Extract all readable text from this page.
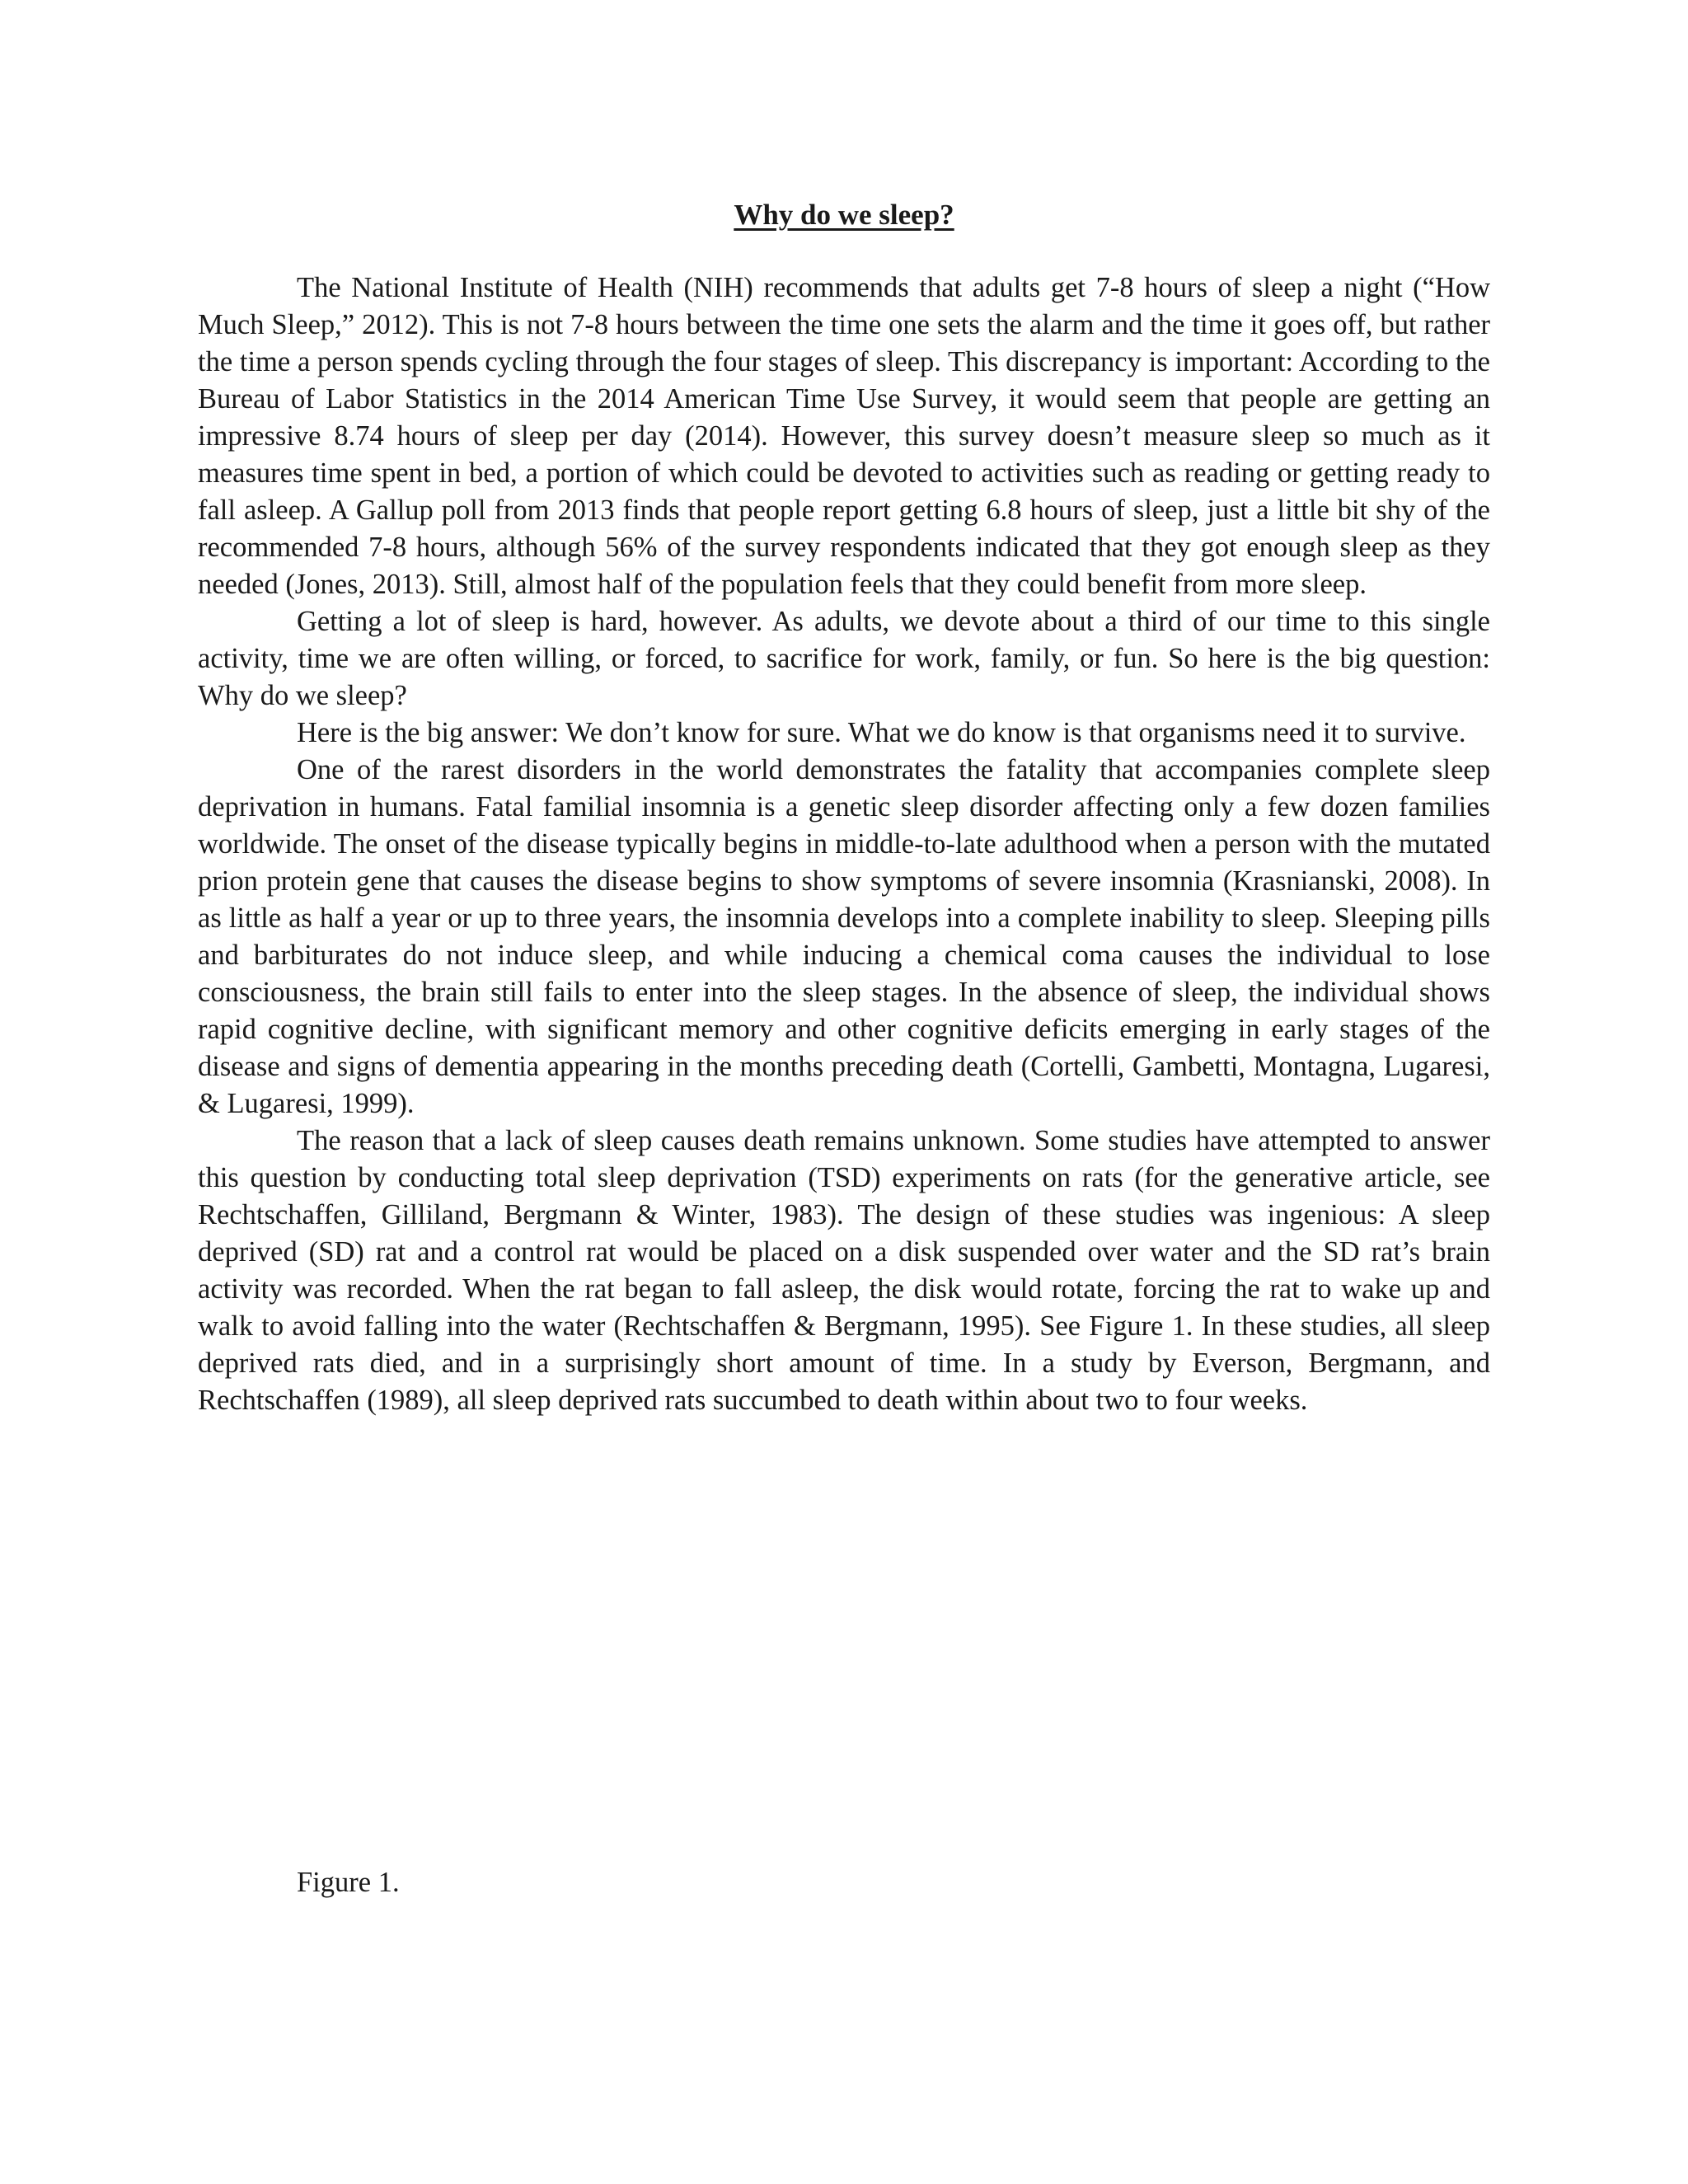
Why do we sleep?

The National Institute of Health (NIH) recommends that adults get 7-8 hours of sleep a night (“How Much Sleep,” 2012). This is not 7-8 hours between the time one sets the alarm and the time it goes off, but rather the time a person spends cycling through the four stages of sleep. This discrepancy is important: According to the Bureau of Labor Statistics in the 2014 American Time Use Survey, it would seem that people are getting an impressive 8.74 hours of sleep per day (2014). However, this survey doesn’t measure sleep so much as it measures time spent in bed, a portion of which could be devoted to activities such as reading or getting ready to fall asleep. A Gallup poll from 2013 finds that people report getting 6.8 hours of sleep, just a little bit shy of the recommended 7-8 hours, although 56% of the survey respondents indicated that they got enough sleep as they needed (Jones, 2013). Still, almost half of the population feels that they could benefit from more sleep.

Getting a lot of sleep is hard, however. As adults, we devote about a third of our time to this single activity, time we are often willing, or forced, to sacrifice for work, family, or fun. So here is the big question: Why do we sleep?

Here is the big answer: We don’t know for sure. What we do know is that organisms need it to survive.

One of the rarest disorders in the world demonstrates the fatality that accompanies complete sleep deprivation in humans. Fatal familial insomnia is a genetic sleep disorder affecting only a few dozen families worldwide. The onset of the disease typically begins in middle-to-late adulthood when a person with the mutated prion protein gene that causes the disease begins to show symptoms of severe insomnia (Krasnianski, 2008). In as little as half a year or up to three years, the insomnia develops into a complete inability to sleep. Sleeping pills and barbiturates do not induce sleep, and while inducing a chemical coma causes the individual to lose consciousness, the brain still fails to enter into the sleep stages. In the absence of sleep, the individual shows rapid cognitive decline, with significant memory and other cognitive deficits emerging in early stages of the disease and signs of dementia appearing in the months preceding death (Cortelli, Gambetti, Montagna, Lugaresi, & Lugaresi, 1999).

The reason that a lack of sleep causes death remains unknown. Some studies have attempted to answer this question by conducting total sleep deprivation (TSD) experiments on rats (for the generative article, see Rechtschaffen, Gilliland, Bergmann & Winter, 1983). The design of these studies was ingenious: A sleep deprived (SD) rat and a control rat would be placed on a disk suspended over water and the SD rat’s brain activity was recorded. When the rat began to fall asleep, the disk would rotate, forcing the rat to wake up and walk to avoid falling into the water (Rechtschaffen & Bergmann, 1995). See Figure 1. In these studies, all sleep deprived rats died, and in a surprisingly short amount of time. In a study by Everson, Bergmann, and Rechtschaffen (1989), all sleep deprived rats succumbed to death within about two to four weeks.

Figure 1.
